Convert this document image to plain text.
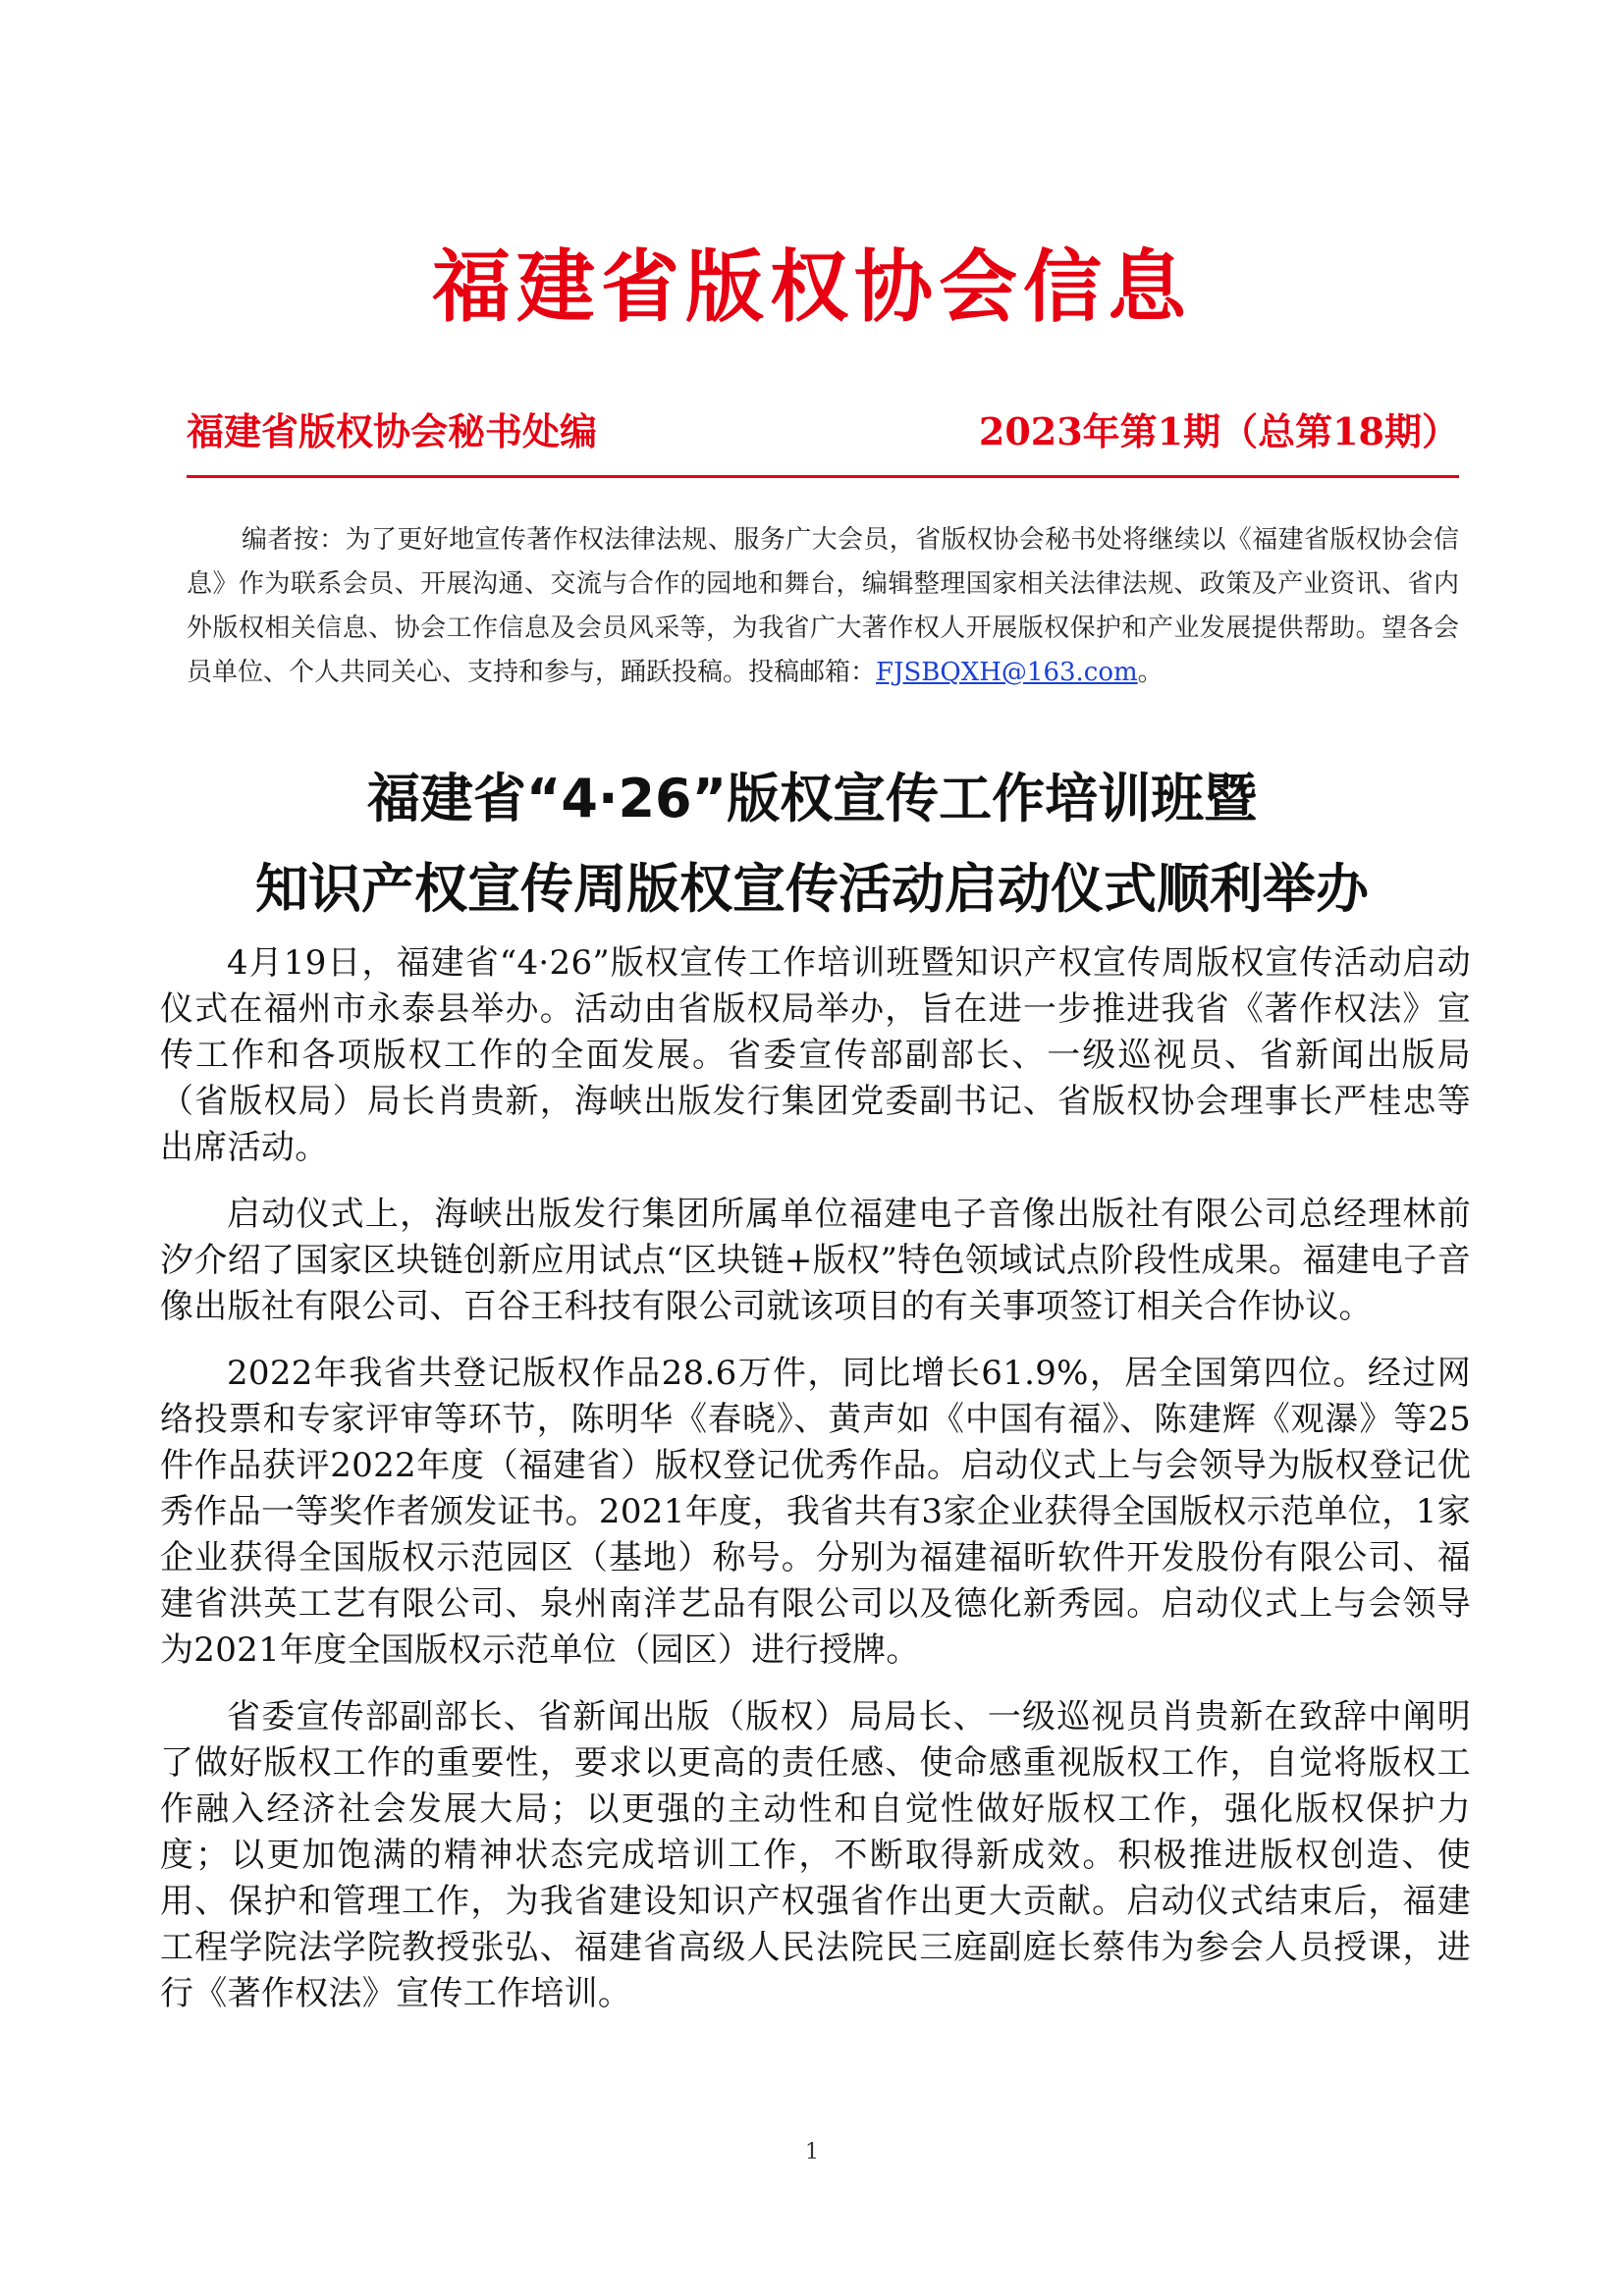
福建省版权协会信息
福建省版权协会秘书处编	2023年第1期（总第18期）
编者按：为了更好地宣传著作权法律法规、服务广大会员，省版权协会秘书处将继续以《福建省版权协会信息》作为联系会员、开展沟通、交流与合作的园地和舞台，编辑整理国家相关法律法规、政策及产业资讯、省内外版权相关信息、协会工作信息及会员风采等，为我省广大著作权人开展版权保护和产业发展提供帮助。望各会员单位、个人共同关心、支持和参与，踊跃投稿。投稿邮箱：FJSBQXH@163.com。
福建省“4·26”版权宣传工作培训班暨
知识产权宣传周版权宣传活动启动仪式顺利举办

4月19日，福建省“4·26”版权宣传工作培训班暨知识产权宣传周版权宣传活动启动仪式在福州市永泰县举办。活动由省版权局举办，旨在进一步推进我省《著作权法》宣传工作和各项版权工作的全面发展。省委宣传部副部长、一级巡视员、省新闻出版局（省版权局）局长肖贵新，海峡出版发行集团党委副书记、省版权协会理事长严桂忠等出席活动。

启动仪式上，海峡出版发行集团所属单位福建电子音像出版社有限公司总经理林前汐介绍了国家区块链创新应用试点“区块链+版权”特色领域试点阶段性成果。福建电子音像出版社有限公司、百谷王科技有限公司就该项目的有关事项签订相关合作协议。

2022年我省共登记版权作品28.6万件，同比增长61.9%，居全国第四位。经过网络投票和专家评审等环节，陈明华《春晓》、黄声如《中国有福》、陈建辉《观瀑》等25件作品获评2022年度（福建省）版权登记优秀作品。启动仪式上与会领导为版权登记优秀作品一等奖作者颁发证书。2021年度，我省共有3家企业获得全国版权示范单位，1家企业获得全国版权示范园区（基地）称号。分别为福建福昕软件开发股份有限公司、福建省洪英工艺有限公司、泉州南洋艺品有限公司以及德化新秀园。启动仪式上与会领导为2021年度全国版权示范单位（园区）进行授牌。

省委宣传部副部长、省新闻出版（版权）局局长、一级巡视员肖贵新在致辞中阐明了做好版权工作的重要性，要求以更高的责任感、使命感重视版权工作，自觉将版权工作融入经济社会发展大局；以更强的主动性和自觉性做好版权工作，强化版权保护力度；以更加饱满的精神状态完成培训工作，不断取得新成效。积极推进版权创造、使用、保护和管理工作，为我省建设知识产权强省作出更大贡献。启动仪式结束后，福建工程学院法学院教授张弘、福建省高级人民法院民三庭副庭长蔡伟为参会人员授课，进行《著作权法》宣传工作培训。

1
